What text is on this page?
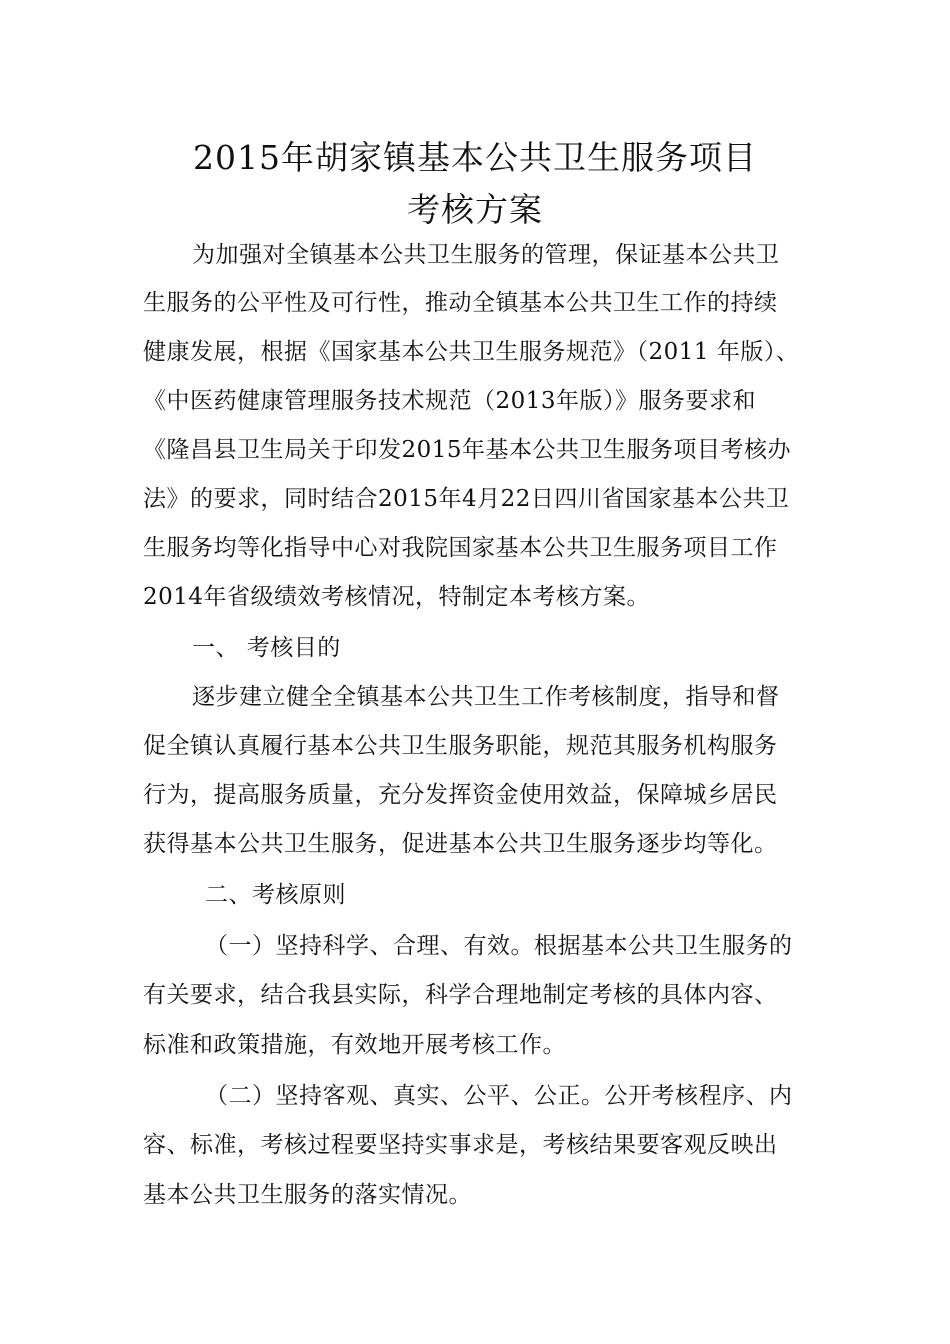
2015年胡家镇基本公共卫生服务项目
考核方案
为加强对全镇基本公共卫生服务的管理，保证基本公共卫
生服务的公平性及可行性，推动全镇基本公共卫生工作的持续
健康发展，根据《国家基本公共卫生服务规范》（2011 年版）、
《中医药健康管理服务技术规范（2013年版）》服务要求和
《隆昌县卫生局关于印发2015年基本公共卫生服务项目考核办
法》的要求，同时结合2015年4月22日四川省国家基本公共卫
生服务均等化指导中心对我院国家基本公共卫生服务项目工作
2014年省级绩效考核情况，特制定本考核方案。
一、 考核目的
逐步建立健全全镇基本公共卫生工作考核制度，指导和督
促全镇认真履行基本公共卫生服务职能，规范其服务机构服务
行为，提高服务质量，充分发挥资金使用效益，保障城乡居民
获得基本公共卫生服务，促进基本公共卫生服务逐步均等化。
二、考核原则
（一）坚持科学、合理、有效。根据基本公共卫生服务的
有关要求，结合我县实际，科学合理地制定考核的具体内容、
标准和政策措施，有效地开展考核工作。
（二）坚持客观、真实、公平、公正。公开考核程序、内
容、标准，考核过程要坚持实事求是，考核结果要客观反映出
基本公共卫生服务的落实情况。
